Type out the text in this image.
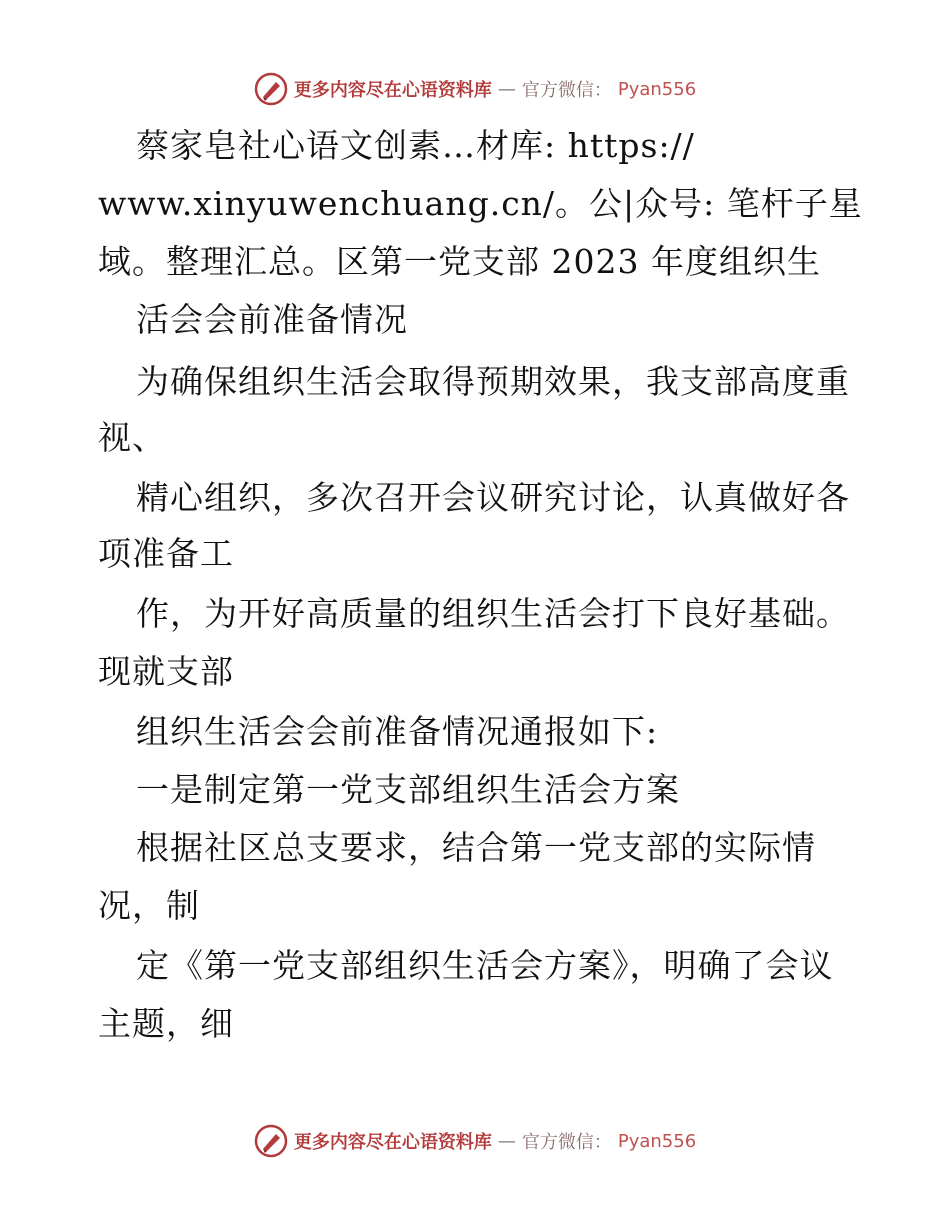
更多内容尽在心语资料库 — 官方微信： Pyan556
蔡家皂社心语文创素…材库: https://
www.xinyuwenchuang.cn/。公|众号: 笔杆子星
域。整理汇总。区第一党支部 2023 年度组织生
活会会前准备情况
为确保组织生活会取得预期效果，我支部高度重
视、
精心组织，多次召开会议研究讨论，认真做好各
项准备工
作，为开好高质量的组织生活会打下良好基础。
现就支部
组织生活会会前准备情况通报如下:
一是制定第一党支部组织生活会方案
根据社区总支要求，结合第一党支部的实际情
况，制
定《第一党支部组织生活会方案》，明确了会议
主题，细
更多内容尽在心语资料库 — 官方微信： Pyan556
